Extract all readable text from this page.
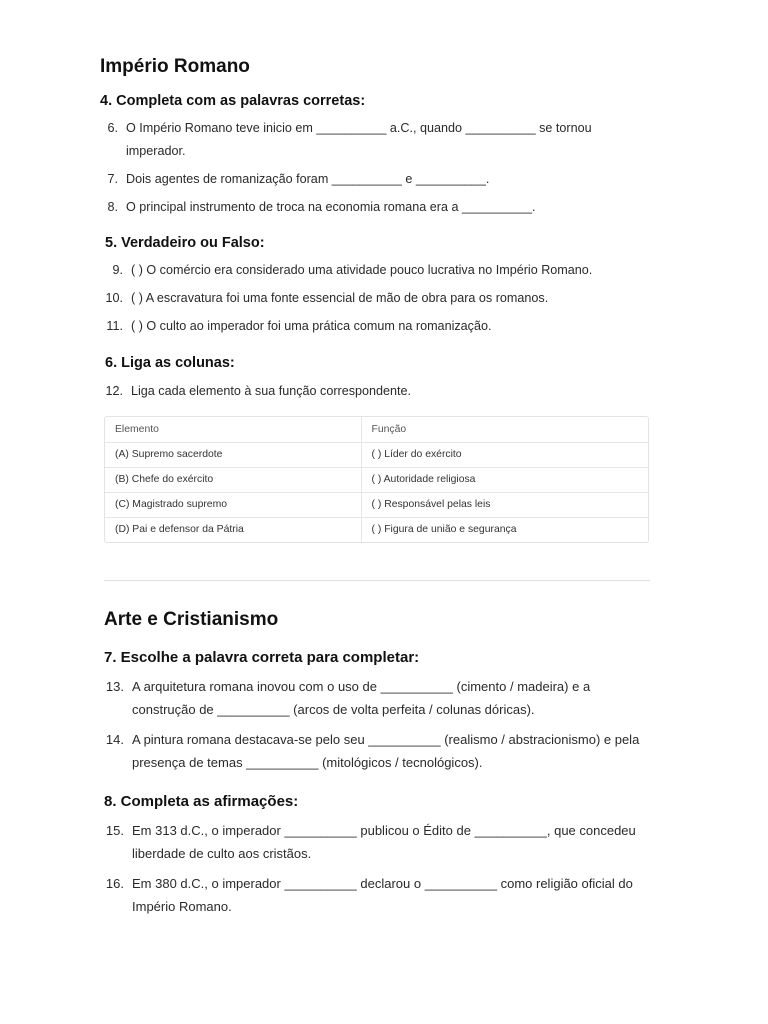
Império Romano
4. Completa com as palavras corretas:
6. O Império Romano teve inicio em __________ a.C., quando __________ se tornou
imperador.
7. Dois agentes de romanização foram __________ e __________.
8. O principal instrumento de troca na economia romana era a __________.
5. Verdadeiro ou Falso:
9. ( ) O comércio era considerado uma atividade pouco lucrativa no Império Romano.
10. ( ) A escravatura foi uma fonte essencial de mão de obra para os romanos.
11. ( ) O culto ao imperador foi uma prática comum na romanização.
6. Liga as colunas:
12. Liga cada elemento à sua função correspondente.
Elemento	Função
(A) Supremo sacerdote	( ) Líder do exército
(B) Chefe do exército	( ) Autoridade religiosa
(C) Magistrado supremo	( ) Responsável pelas leis
(D) Pai e defensor da Pátria	( ) Figura de união e segurança
Arte e Cristianismo
7. Escolhe a palavra correta para completar:
13. A arquitetura romana inovou com o uso de __________ (cimento / madeira) e a
construção de __________ (arcos de volta perfeita / colunas dóricas).
14. A pintura romana destacava-se pelo seu __________ (realismo / abstracionismo) e pela
presença de temas __________ (mitológicos / tecnológicos).
8. Completa as afirmações:
15. Em 313 d.C., o imperador __________ publicou o Édito de __________, que concedeu
liberdade de culto aos cristãos.
16. Em 380 d.C., o imperador __________ declarou o __________ como religião oficial do
Império Romano.
